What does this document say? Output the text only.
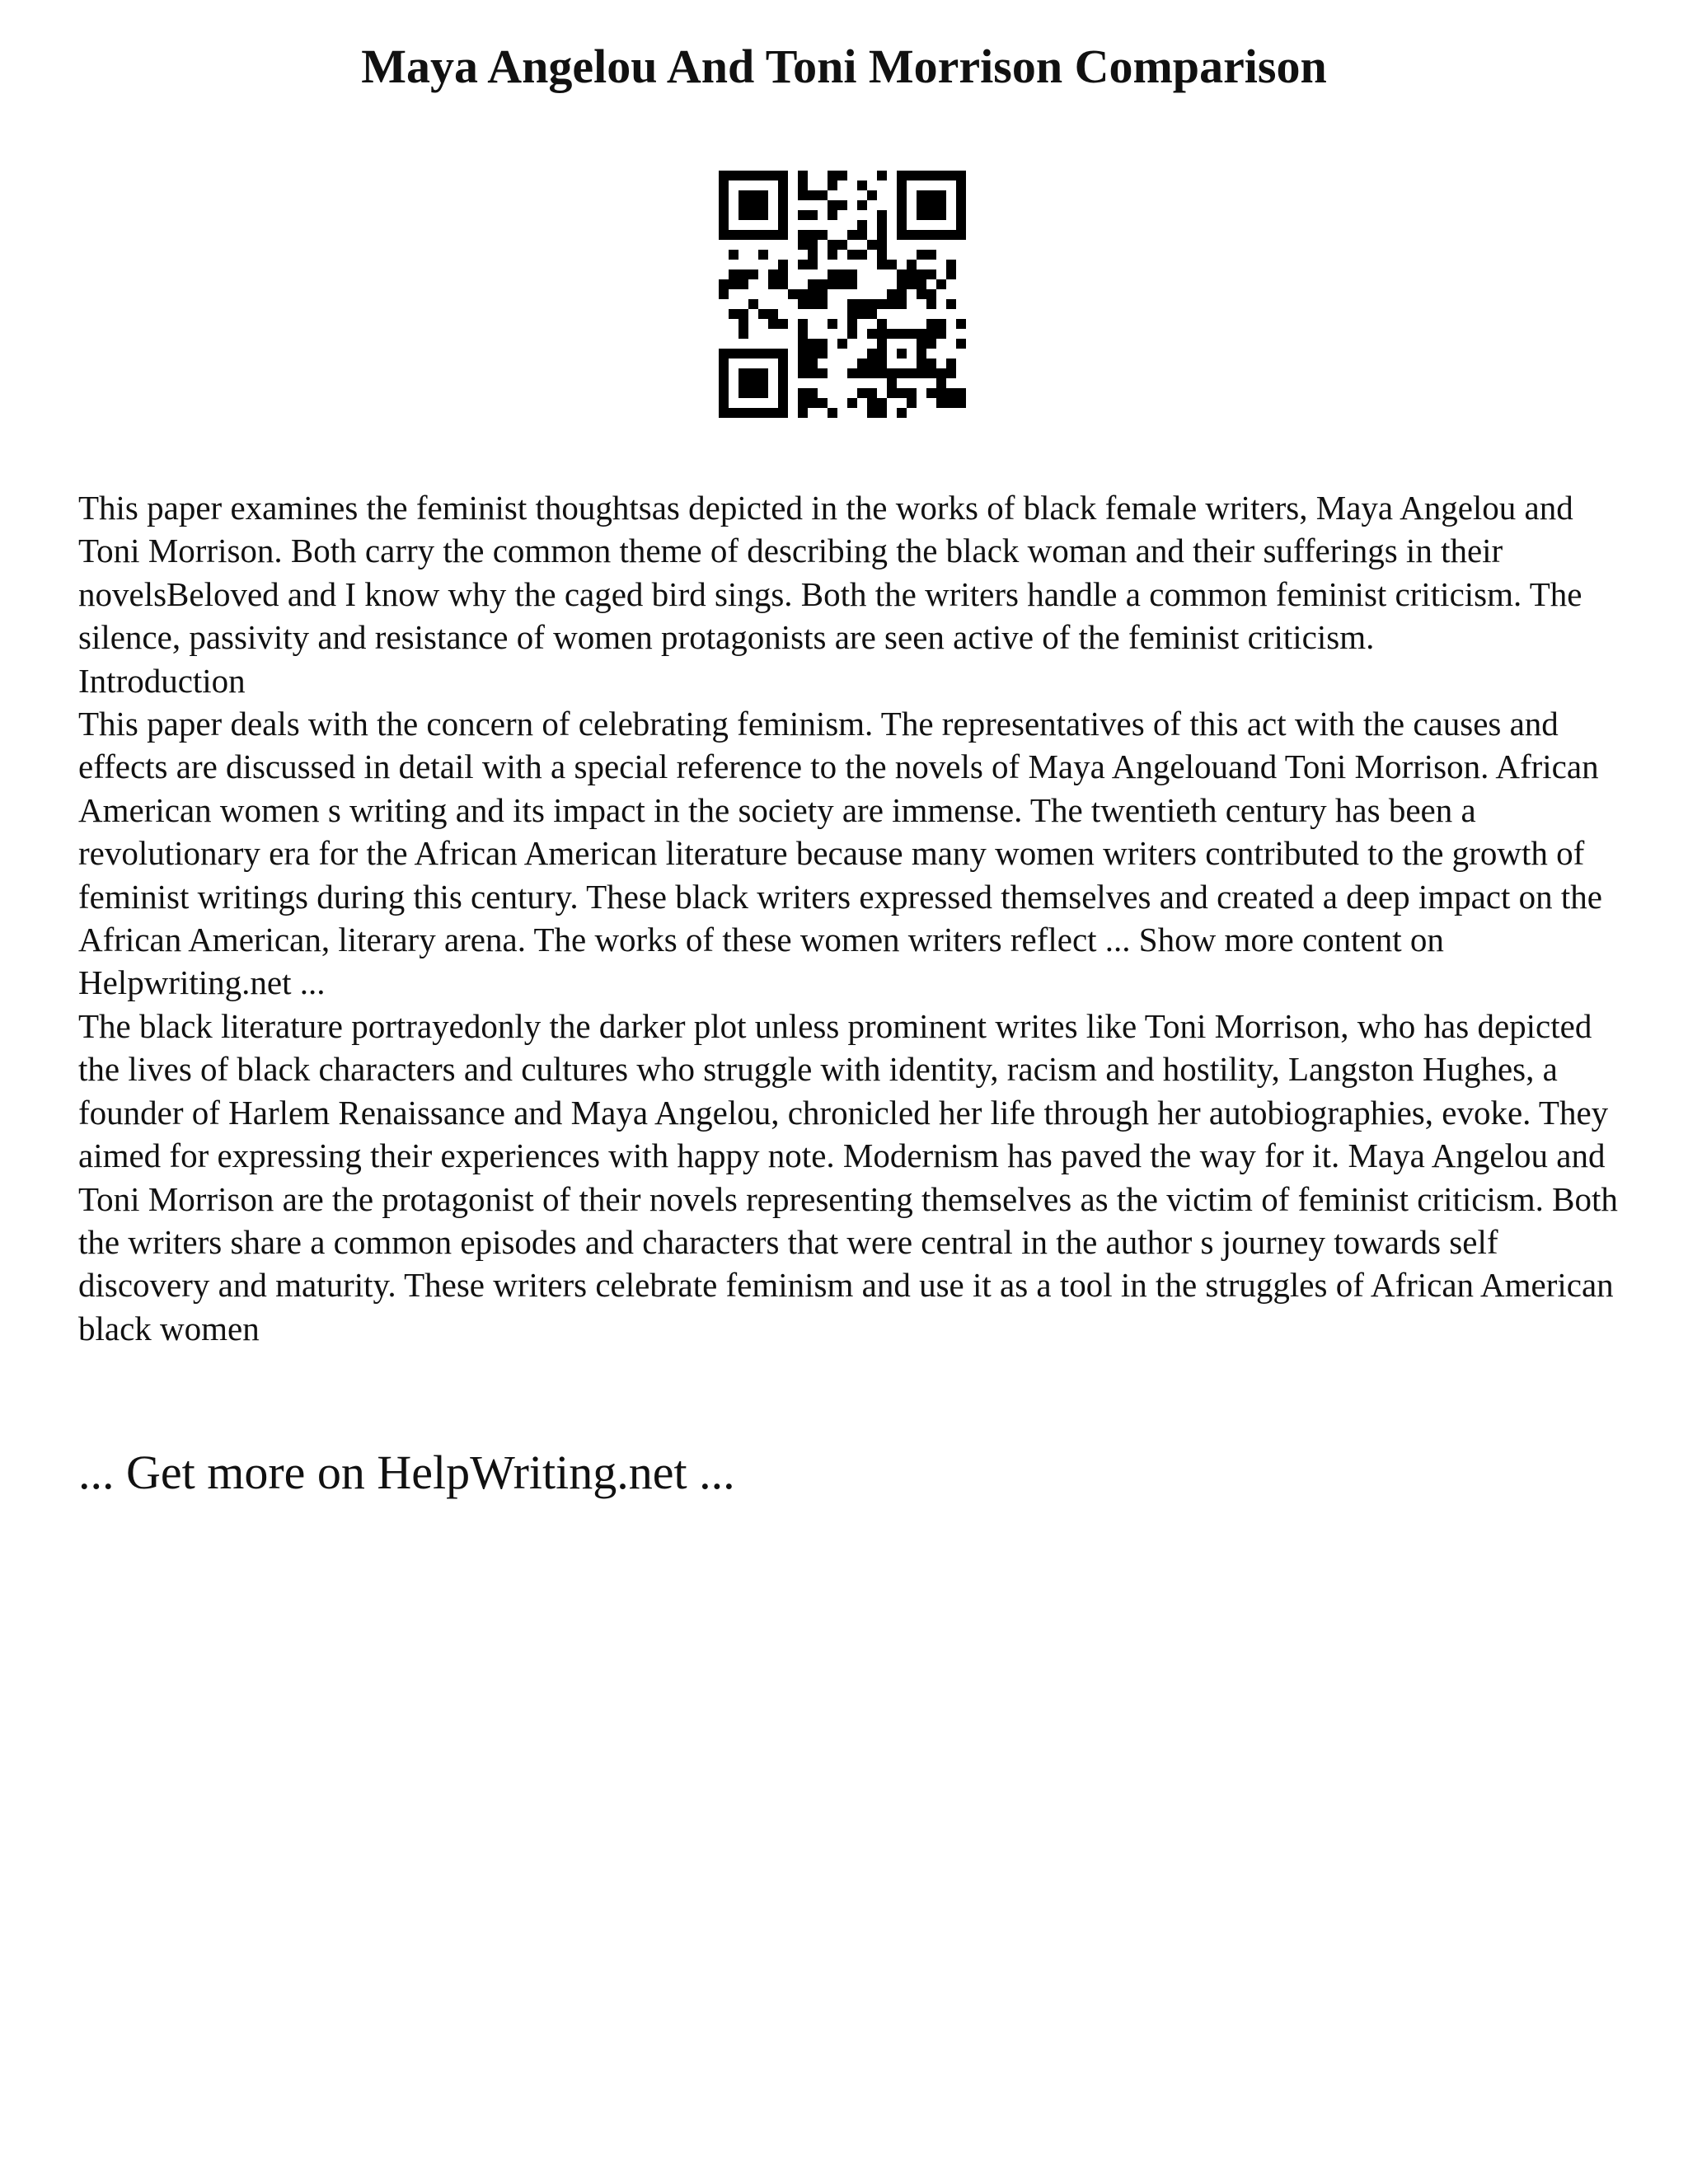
Maya Angelou And Toni Morrison Comparison

This paper examines the feminist thoughtsas depicted in the works of black female writers, Maya Angelou and Toni Morrison. Both carry the common theme of describing the black woman and their sufferings in their novelsBeloved and I know why the caged bird sings. Both the writers handle a common feminist criticism. The silence, passivity and resistance of women protagonists are seen active of the feminist criticism.

Introduction

This paper deals with the concern of celebrating feminism. The representatives of this act with the causes and effects are discussed in detail with a special reference to the novels of Maya Angelouand Toni Morrison. African American women s writing and its impact in the society are immense. The twentieth century has been a revolutionary era for the African American literature because many women writers contributed to the growth of feminist writings during this century. These black writers expressed themselves and created a deep impact on the African American, literary arena. The works of these women writers reflect ... Show more content on Helpwriting.net ...

The black literature portrayedonly the darker plot unless prominent writes like Toni Morrison, who has depicted the lives of black characters and cultures who struggle with identity, racism and hostility, Langston Hughes, a founder of Harlem Renaissance and Maya Angelou, chronicled her life through her autobiographies, evoke. They aimed for expressing their experiences with happy note. Modernism has paved the way for it. Maya Angelou and Toni Morrison are the protagonist of their novels representing themselves as the victim of feminist criticism. Both the writers share a common episodes and characters that were central in the author s journey towards self discovery and maturity. These writers celebrate feminism and use it as a tool in the struggles of African American black women

... Get more on HelpWriting.net ...
